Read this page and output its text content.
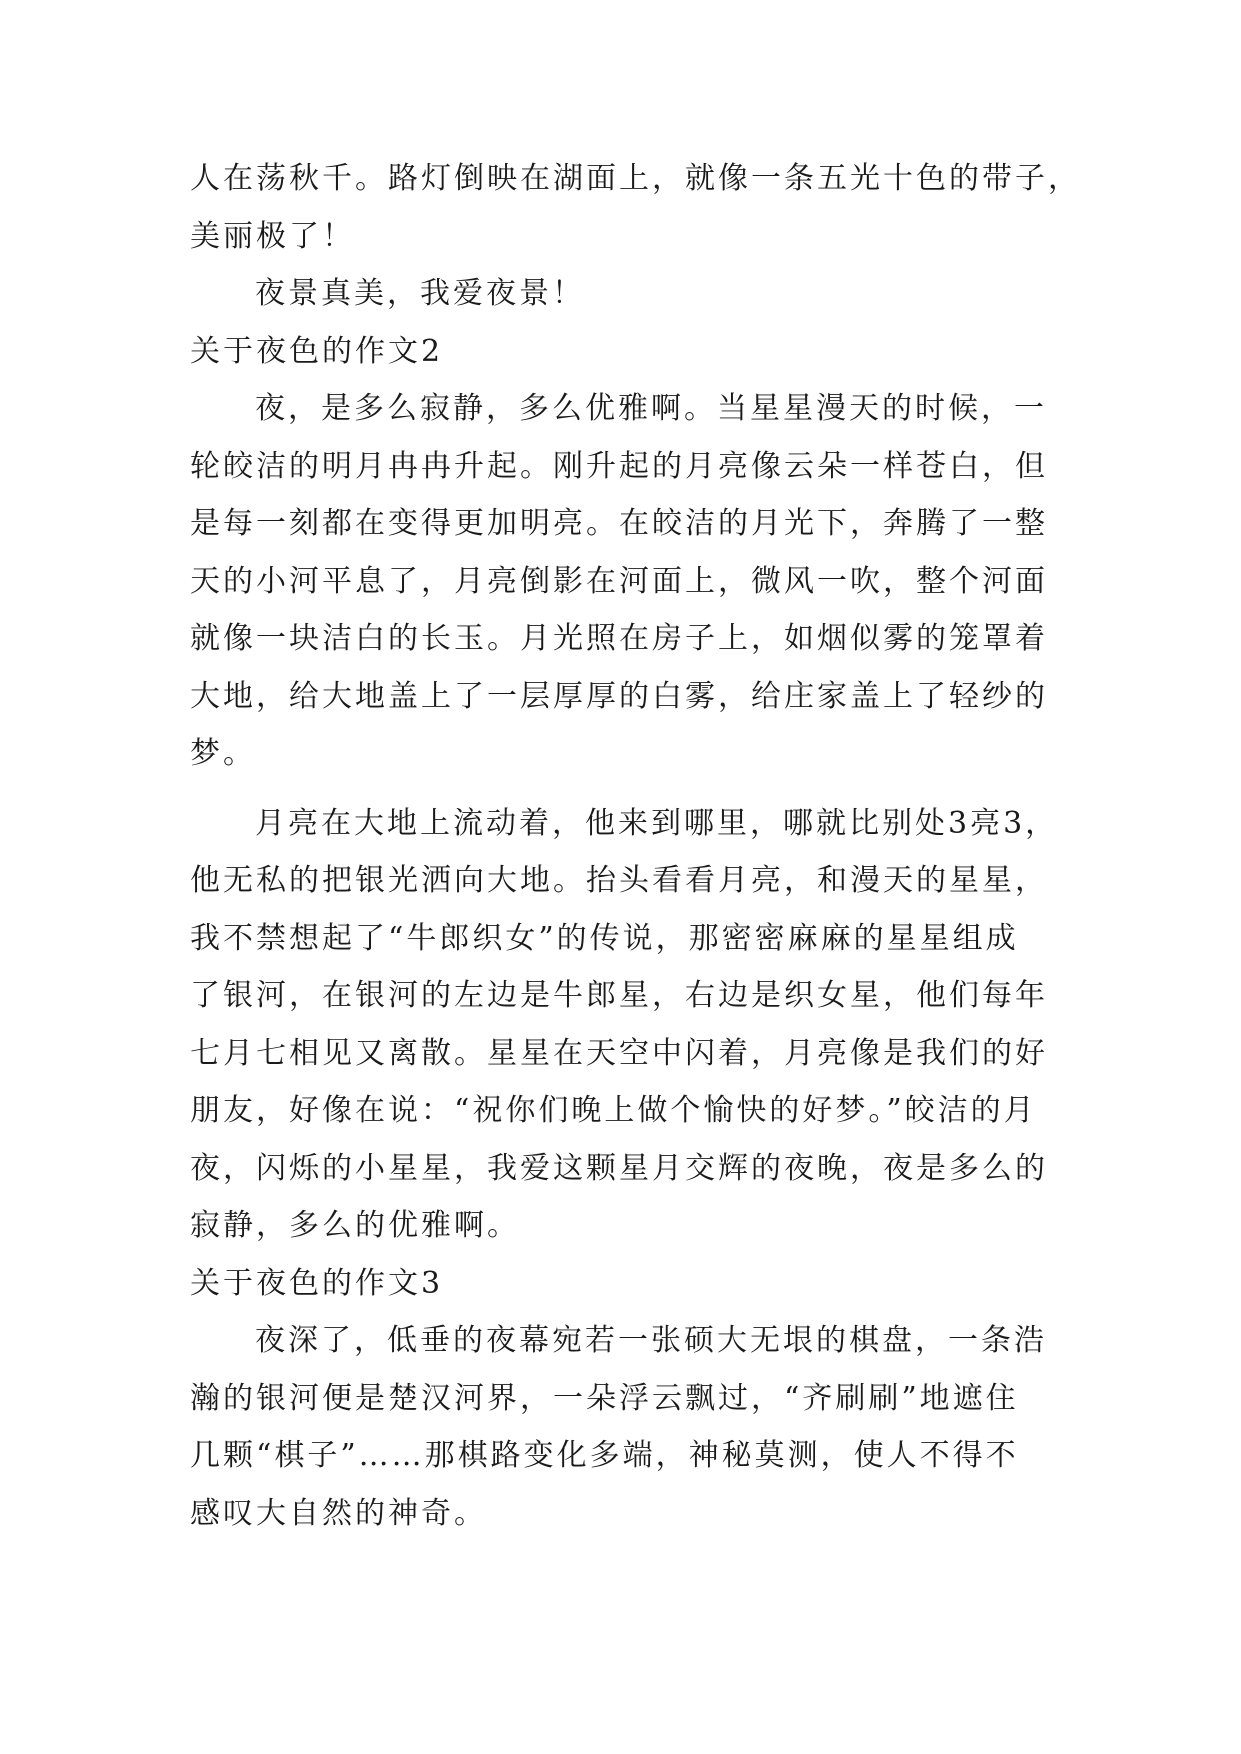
人在荡秋千。路灯倒映在湖面上，就像一条五光十色的带子，
美丽极了！
夜景真美，我爱夜景！
关于夜色的作文2
夜，是多么寂静，多么优雅啊。当星星漫天的时候，一
轮皎洁的明月冉冉升起。刚升起的月亮像云朵一样苍白，但
是每一刻都在变得更加明亮。在皎洁的月光下，奔腾了一整
天的小河平息了，月亮倒影在河面上，微风一吹，整个河面
就像一块洁白的长玉。月光照在房子上，如烟似雾的笼罩着
大地，给大地盖上了一层厚厚的白雾，给庄家盖上了轻纱的
梦。
月亮在大地上流动着，他来到哪里，哪就比别处3亮3，
他无私的把银光洒向大地。抬头看看月亮，和漫天的星星，
我不禁想起了“牛郎织女”的传说，那密密麻麻的星星组成
了银河，在银河的左边是牛郎星，右边是织女星，他们每年
七月七相见又离散。星星在天空中闪着，月亮像是我们的好
朋友，好像在说：“祝你们晚上做个愉快的好梦。”皎洁的月
夜，闪烁的小星星，我爱这颗星月交辉的夜晚，夜是多么的
寂静，多么的优雅啊。
关于夜色的作文3
夜深了，低垂的夜幕宛若一张硕大无垠的棋盘，一条浩
瀚的银河便是楚汉河界，一朵浮云飘过，“齐刷刷”地遮住
几颗“棋子”……那棋路变化多端，神秘莫测，使人不得不
感叹大自然的神奇。
